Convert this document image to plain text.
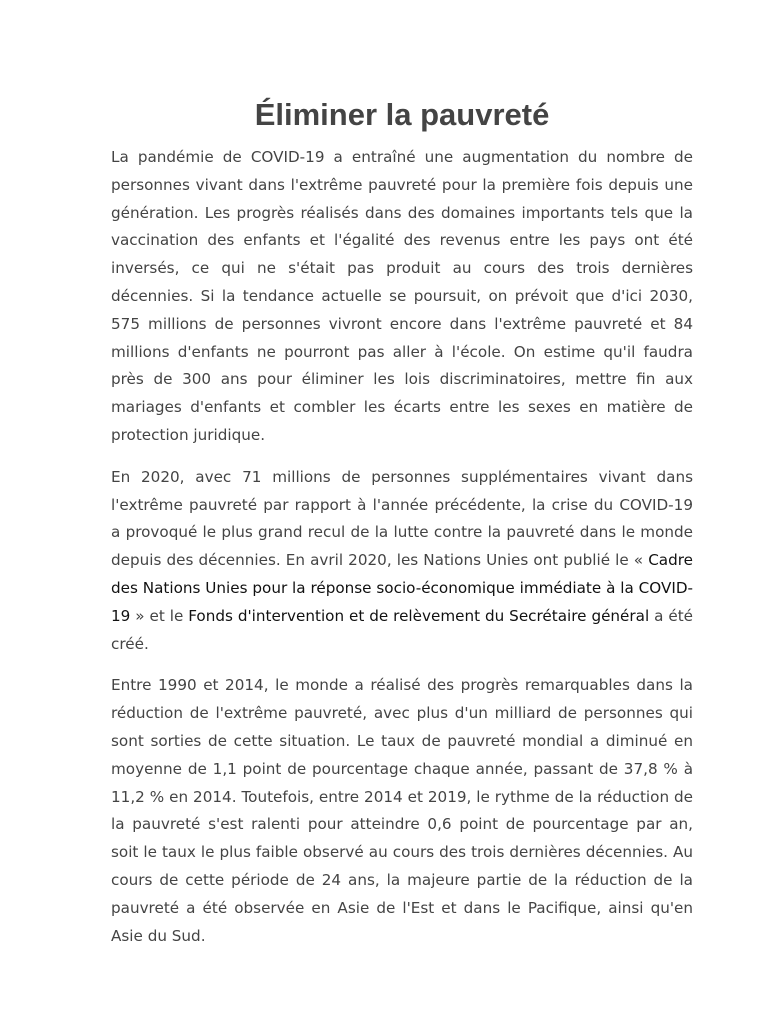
Éliminer la pauvreté

La pandémie de COVID-19 a entraîné une augmentation du nombre de personnes vivant dans l'extrême pauvreté pour la première fois depuis une génération. Les progrès réalisés dans des domaines importants tels que la vaccination des enfants et l'égalité des revenus entre les pays ont été inversés, ce qui ne s'était pas produit au cours des trois dernières décennies. Si la tendance actuelle se poursuit, on prévoit que d'ici 2030, 575 millions de personnes vivront encore dans l'extrême pauvreté et 84 millions d'enfants ne pourront pas aller à l'école. On estime qu'il faudra près de 300 ans pour éliminer les lois discriminatoires, mettre fin aux mariages d'enfants et combler les écarts entre les sexes en matière de protection juridique.

En 2020, avec 71 millions de personnes supplémentaires vivant dans l'extrême pauvreté par rapport à l'année précédente, la crise du COVID-19 a provoqué le plus grand recul de la lutte contre la pauvreté dans le monde depuis des décennies. En avril 2020, les Nations Unies ont publié le « Cadre des Nations Unies pour la réponse socio-économique immédiate à la COVID-19 » et le Fonds d'intervention et de relèvement du Secrétaire général a été créé.

Entre 1990 et 2014, le monde a réalisé des progrès remarquables dans la réduction de l'extrême pauvreté, avec plus d'un milliard de personnes qui sont sorties de cette situation. Le taux de pauvreté mondial a diminué en moyenne de 1,1 point de pourcentage chaque année, passant de 37,8 % à 11,2 % en 2014. Toutefois, entre 2014 et 2019, le rythme de la réduction de la pauvreté s'est ralenti pour atteindre 0,6 point de pourcentage par an, soit le taux le plus faible observé au cours des trois dernières décennies. Au cours de cette période de 24 ans, la majeure partie de la réduction de la pauvreté a été observée en Asie de l'Est et dans le Pacifique, ainsi qu'en Asie du Sud.
